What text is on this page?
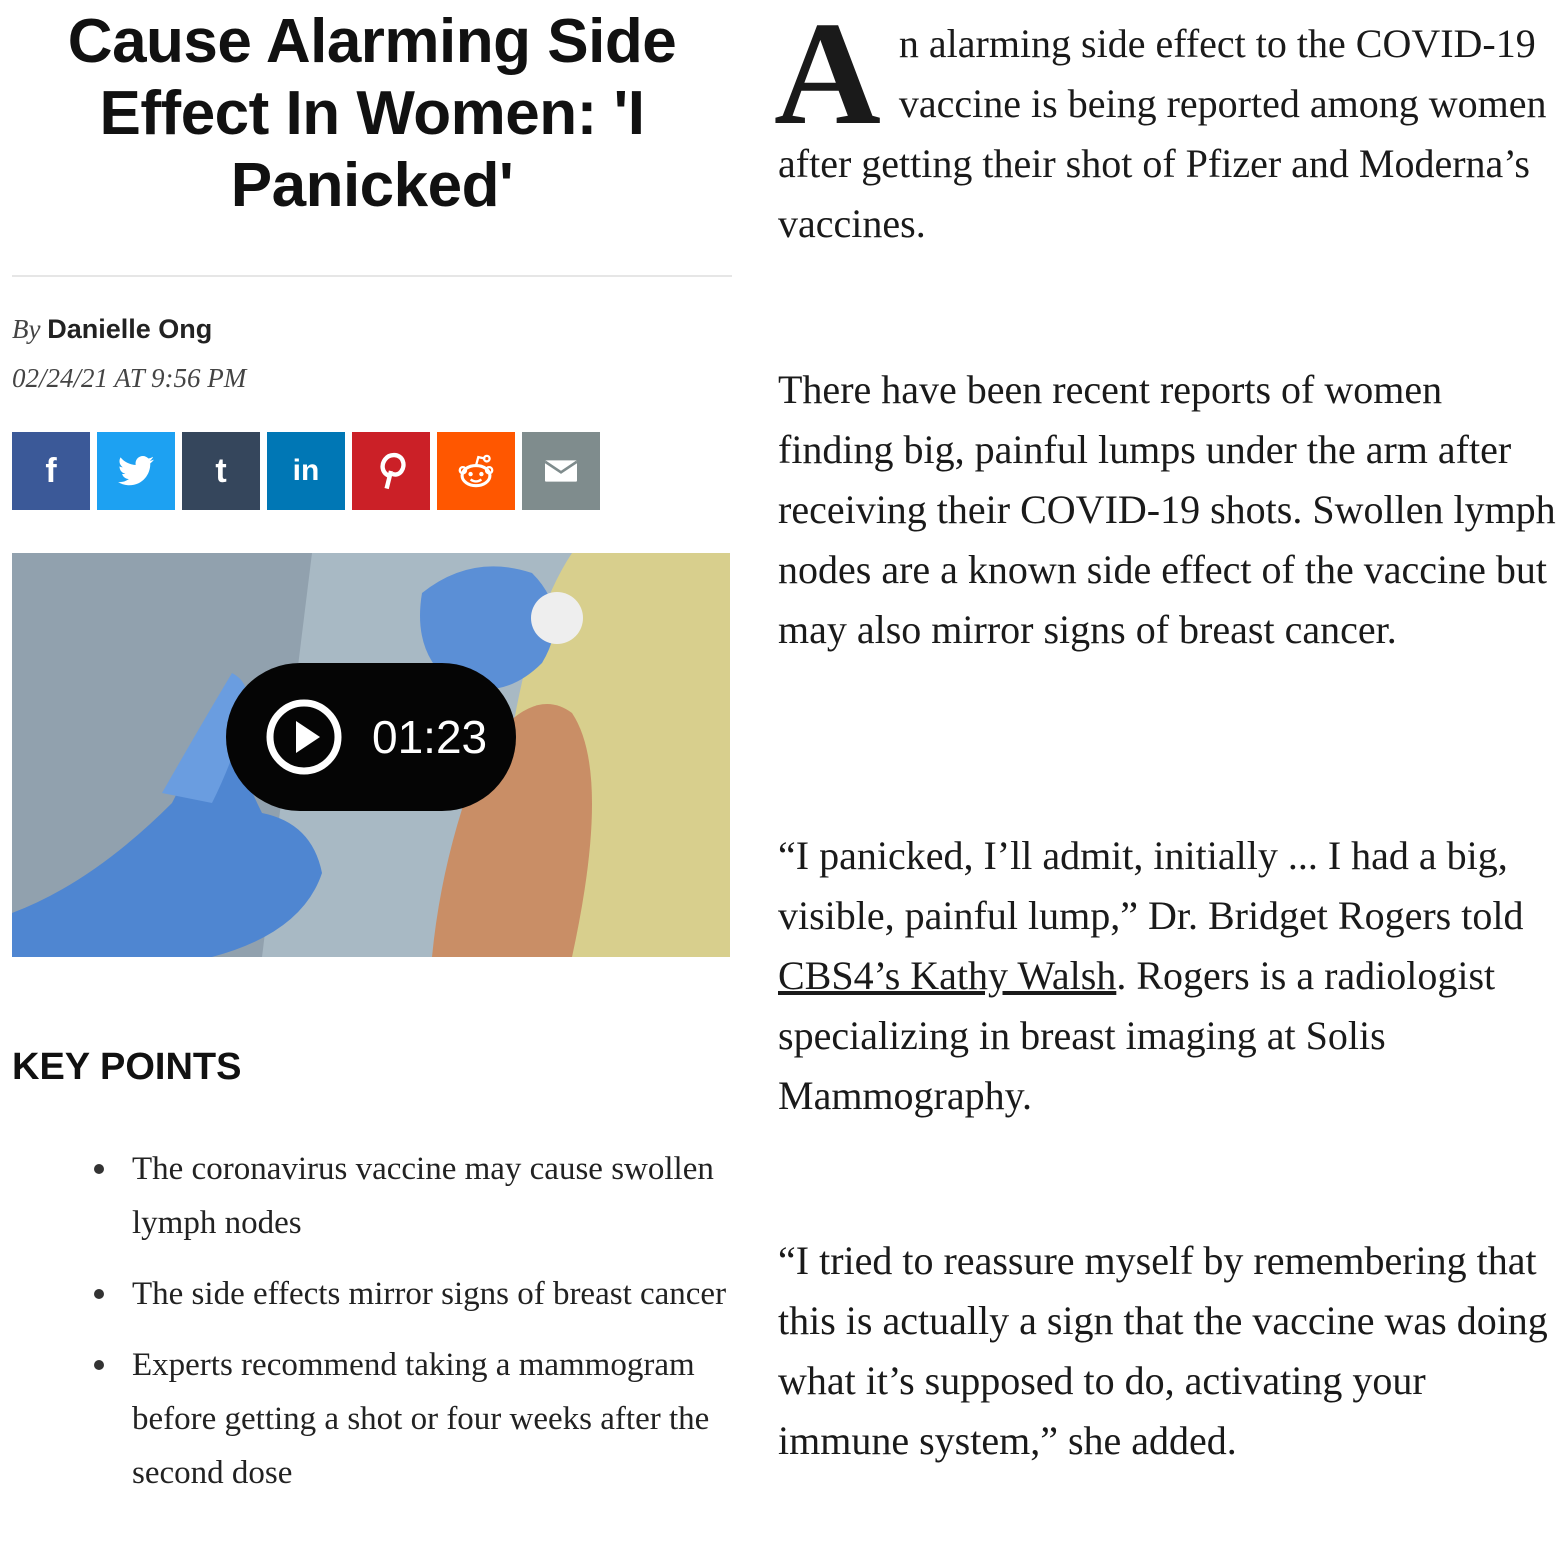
Cause Alarming Side
Effect In Women: 'I
Panicked'
By Danielle Ong
02/24/21 AT 9:56 PM
f	t in
01:23
KEY POINTS
The coronavirus vaccine may cause swollen lymph nodes
The side effects mirror signs of breast cancer
Experts recommend taking a mammogram before getting a shot or four weeks after the second dose

An alarming side effect to the COVID-19 vaccine is being reported among women after getting their shot of Pfizer and Moderna’s vaccines.

There have been recent reports of women finding big, painful lumps under the arm after receiving their COVID-19 shots. Swollen lymph nodes are a known side effect of the vaccine but may also mirror signs of breast cancer.

“I panicked, I’ll admit, initially ... I had a big, visible, painful lump,” Dr. Bridget Rogers told CBS4’s Kathy Walsh. Rogers is a radiologist specializing in breast imaging at Solis Mammography.

“I tried to reassure myself by remembering that this is actually a sign that the vaccine was doing what it’s supposed to do, activating your immune system,” she added.
